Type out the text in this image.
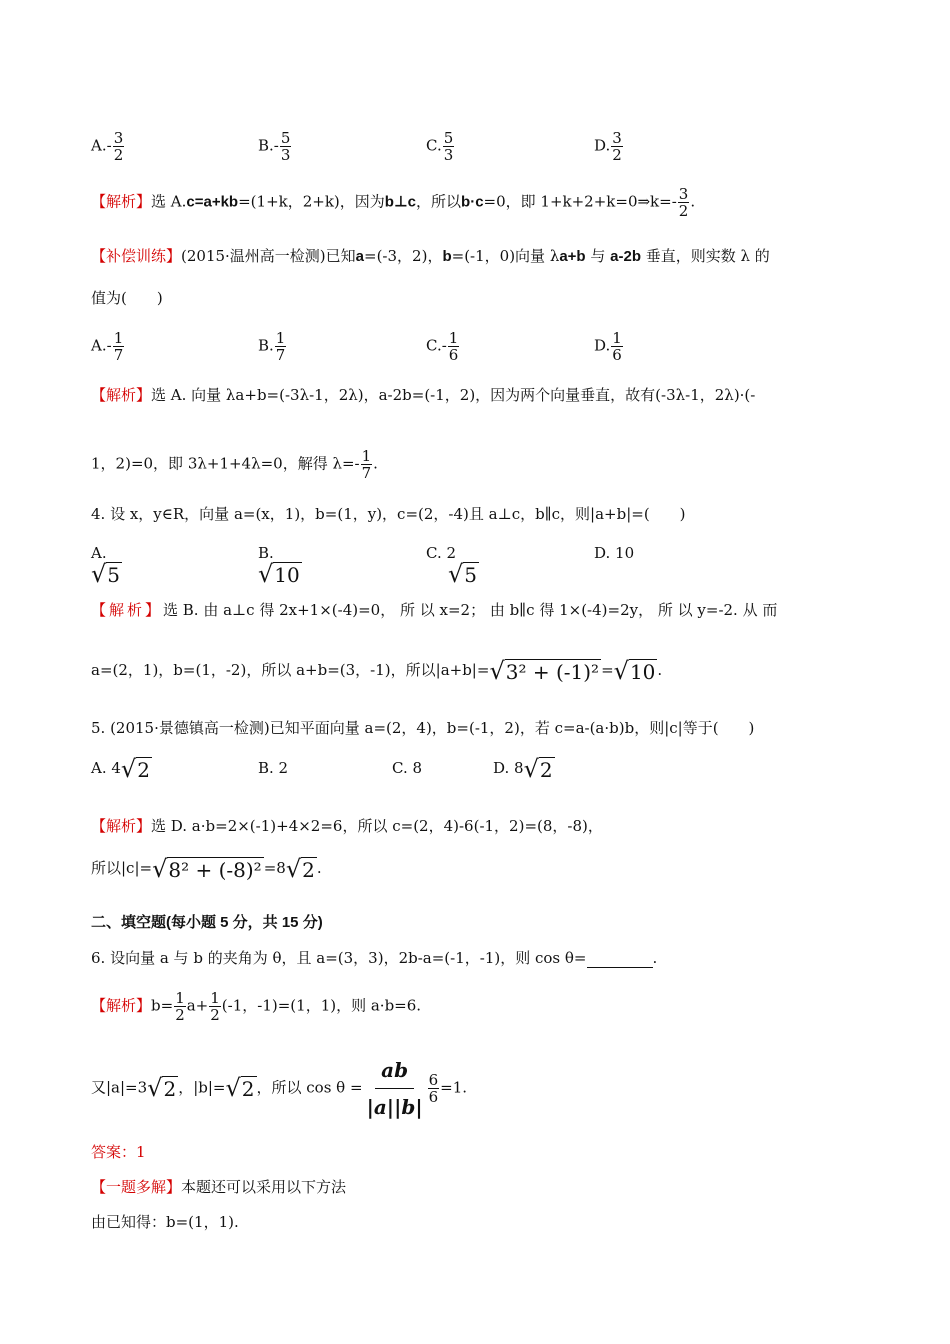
$A.- \frac{3}{2}$	$B.- \frac{5}{3}$	C. $\frac{5}{3}$	D. $\frac{3}{2}$
【解析】选 A.c=a+kb=(1+k，2+k)，因为b⊥c，所以b·c=0，即 1+k+2+k=0⇒k=- $\frac{3}{2}$ .
【补偿训练】(2015·温州高一检测)已知a=(-3，2)，b=(-1，0)向量 λa+b 与 a-2b 垂直，则实数 λ 的
值为(　　)
$A.- \frac{1}{7}$	B. $\frac{1}{7}$	$C.- \frac{1}{6}$	D. $\frac{1}{6}$
【解析】选 A. 向量 λa+b=(-3λ-1，2λ)，a-2b=(-1，2)，因为两个向量垂直，故有(-3λ-1，2λ)·(-
1，2)=0，即 3λ+1+4λ=0，解得 $\lambda=- \frac{1}{7}$ .
4. 设 x，y∈R，向量 a=(x，1)，b=(1，y)，c=(2，-4)且 a⊥c，b∥c，则|a+b|=(　　)
A.
√5
B.
√10
C. 2
√5
D. 10
【解析】选 B. 由 a⊥c 得 2x+1×(-4)=0， 所 以 x=2； 由 b∥c 得 1×(-4)=2y， 所 以 y=-2. 从 而
a=(2，1)，b=(1，-2)，所以 a+b=(3，-1)，所以|a+b|=√3² + (-1)² =√10 .
5. (2015·景德镇高一检测)已知平面向量 a=(2，4)，b=(-1，2)，若 c=a-(a·b)b，则|c|等于(　　)
A. 4√2	B. 2	C. 8	D. 8√2
【解析】选 D. a·b=2×(-1)+4×2=6，所以 c=(2，4)-6(-1，2)=(8，-8)，
所以|c|=√8² + (-8)² =8√2 .
二、填空题(每小题 5 分，共 15 分)
6. 设向量 a 与 b 的夹角为 θ，且 a=(3，3)，2b-a=(-1，-1)，则 cos θ=	.
【解析】$b= \frac{1}{2} a+ \frac{1}{2} (-1$，-1)=(1，1)，则 a·b=6.
又|a|=3√2 ，|b|=√2 ，所以 $\cos \theta = \frac{ab}{|a||b|} \frac{6}{6} =1$.
答案：1
【一题多解】本题还可以采用以下方法
由已知得：b=(1，1).
